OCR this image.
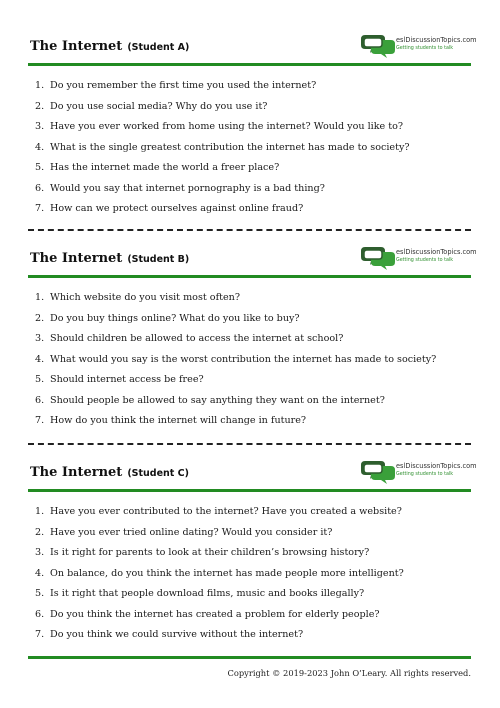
The Internet (Student A)
eslDiscussionTopics.com
Getting students to talk
1. Do you remember the first time you used the internet?
2. Do you use social media? Why do you use it?
3. Have you ever worked from home using the internet? Would you like to?
4. What is the single greatest contribution the internet has made to society?
5. Has the internet made the world a freer place?
6. Would you say that internet pornography is a bad thing?
7. How can we protect ourselves against online fraud?
The Internet (Student B)
eslDiscussionTopics.com
Getting students to talk
1. Which website do you visit most often?
2. Do you buy things online? What do you like to buy?
3. Should children be allowed to access the internet at school?
4. What would you say is the worst contribution the internet has made to society?
5. Should internet access be free?
6. Should people be allowed to say anything they want on the internet?
7. How do you think the internet will change in future?
The Internet (Student C)
eslDiscussionTopics.com
Getting students to talk
1. Have you ever contributed to the internet? Have you created a website?
2. Have you ever tried online dating? Would you consider it?
3. Is it right for parents to look at their children’s browsing history?
4. On balance, do you think the internet has made people more intelligent?
5. Is it right that people download films, music and books illegally?
6. Do you think the internet has created a problem for elderly people?
7. Do you think we could survive without the internet?
Copyright © 2019-2023 John O’Leary. All rights reserved.
